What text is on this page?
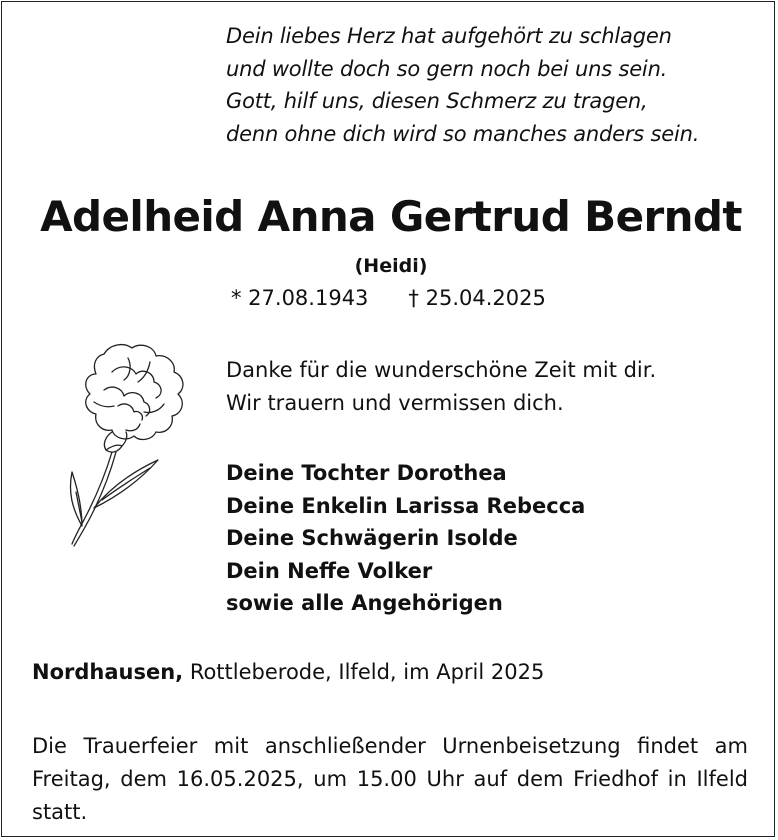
Dein liebes Herz hat aufgehört zu schlagen
und wollte doch so gern noch bei uns sein.
Gott, hilf uns, diesen Schmerz zu tragen,
denn ohne dich wird so manches anders sein.
Adelheid Anna Gertrud Berndt
(Heidi)
* 27.08.1943 † 25.04.2025
Danke für die wunderschöne Zeit mit dir.
Wir trauern und vermissen dich.
Deine Tochter Dorothea
Deine Enkelin Larissa Rebecca
Deine Schwägerin Isolde
Dein Neffe Volker
sowie alle Angehörigen
Nordhausen, Rottleberode, Ilfeld, im April 2025
Die Trauerfeier mit anschließender Urnenbeisetzung findet am Freitag, dem 16.05.2025, um 15.00 Uhr auf dem Friedhof in Ilfeld statt.
